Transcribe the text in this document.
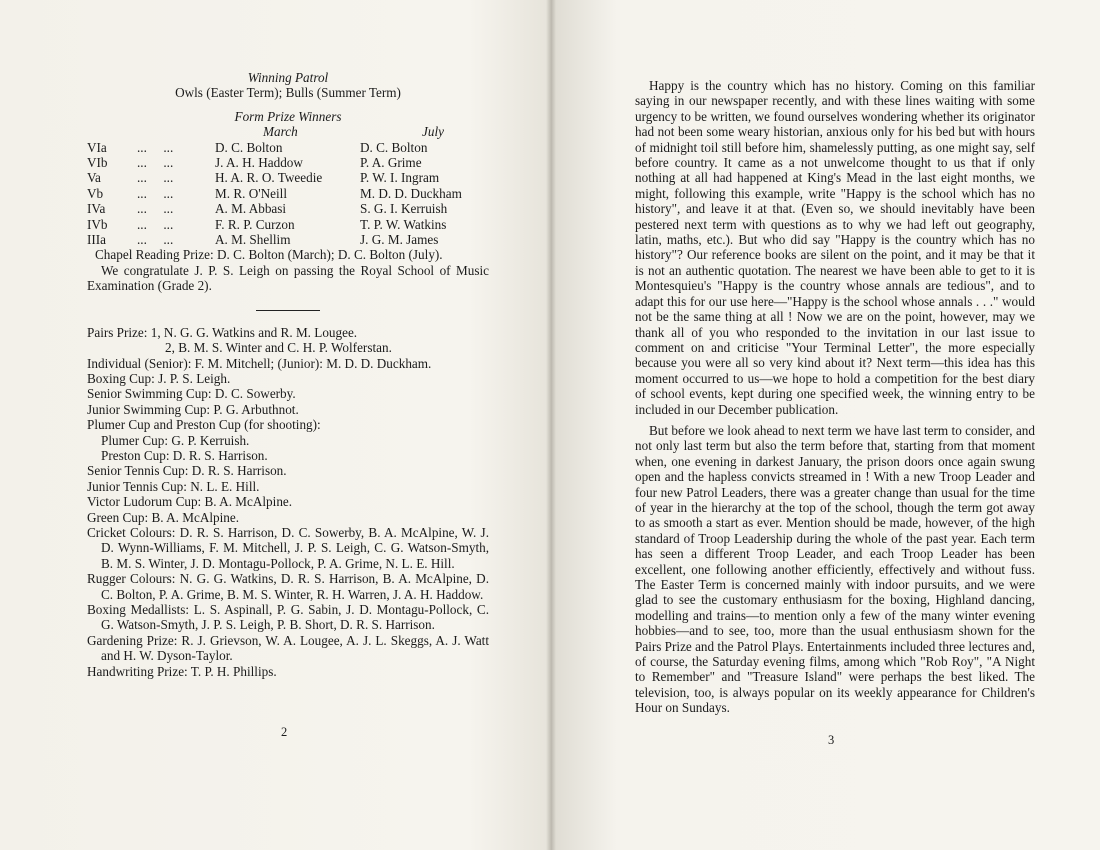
Winning Patrol
Owls (Easter Term); Bulls (Summer Term)
Form Prize Winners
March	July
VIa	...     ...	D. C. Bolton	D. C. Bolton
VIb	...     ...	J. A. H. Haddow	P. A. Grime
Va	...     ...	H. A. R. O. Tweedie	P. W. I. Ingram
Vb	...     ...	M. R. O'Neill	M. D. D. Duckham
IVa	...     ...	A. M. Abbasi	S. G. I. Kerruish
IVb	...     ...	F. R. P. Curzon	T. P. W. Watkins
IIIa	...     ...	A. M. Shellim	J. G. M. James
Chapel Reading Prize: D. C. Bolton (March); D. C. Bolton (July).
We congratulate J. P. S. Leigh on passing the Royal School of Music Examination (Grade 2).
Pairs Prize: 1, N. G. G. Watkins and R. M. Lougee.
2, B. M. S. Winter and C. H. P. Wolferstan.
Individual (Senior): F. M. Mitchell; (Junior): M. D. D. Duckham.
Boxing Cup: J. P. S. Leigh.
Senior Swimming Cup: D. C. Sowerby.
Junior Swimming Cup: P. G. Arbuthnot.
Plumer Cup and Preston Cup (for shooting):
Plumer Cup: G. P. Kerruish.
Preston Cup: D. R. S. Harrison.
Senior Tennis Cup: D. R. S. Harrison.
Junior Tennis Cup: N. L. E. Hill.
Victor Ludorum Cup: B. A. McAlpine.
Green Cup: B. A. McAlpine.
Cricket Colours: D. R. S. Harrison, D. C. Sowerby, B. A. McAlpine, W. J. D. Wynn-Williams, F. M. Mitchell, J. P. S. Leigh, C. G. Watson-Smyth, B. M. S. Winter, J. D. Montagu-Pollock, P. A. Grime, N. L. E. Hill.
Rugger Colours: N. G. G. Watkins, D. R. S. Harrison, B. A. McAlpine, D. C. Bolton, P. A. Grime, B. M. S. Winter, R. H. Warren, J. A. H. Haddow.
Boxing Medallists: L. S. Aspinall, P. G. Sabin, J. D. Montagu-Pollock, C. G. Watson-Smyth, J. P. S. Leigh, P. B. Short, D. R. S. Harrison.
Gardening Prize: R. J. Grievson, W. A. Lougee, A. J. L. Skeggs, A. J. Watt and H. W. Dyson-Taylor.
Handwriting Prize: T. P. H. Phillips.
2

Happy is the country which has no history. Coming on this familiar saying in our newspaper recently, and with these lines waiting with some urgency to be written, we found ourselves wondering whether its originator had not been some weary historian, anxious only for his bed but with hours of midnight toil still before him, shamelessly putting, as one might say, self before country. It came as a not unwelcome thought to us that if only nothing at all had happened at King's Mead in the last eight months, we might, following this example, write "Happy is the school which has no history", and leave it at that. (Even so, we should inevitably have been pestered next term with questions as to why we had left out geography, latin, maths, etc.). But who did say "Happy is the country which has no history"? Our reference books are silent on the point, and it may be that it is not an authentic quotation. The nearest we have been able to get to it is Montesquieu's "Happy is the country whose annals are tedious", and to adapt this for our use here—"Happy is the school whose annals . . ." would not be the same thing at all ! Now we are on the point, however, may we thank all of you who responded to the invitation in our last issue to comment on and criticise "Your Terminal Letter", the more especially because you were all so very kind about it? Next term—this idea has this moment occurred to us—we hope to hold a competition for the best diary of school events, kept during one specified week, the winning entry to be included in our December publication.

But before we look ahead to next term we have last term to consider, and not only last term but also the term before that, starting from that moment when, one evening in darkest January, the prison doors once again swung open and the hapless convicts streamed in ! With a new Troop Leader and four new Patrol Leaders, there was a greater change than usual for the time of year in the hierarchy at the top of the school, though the term got away to as smooth a start as ever. Mention should be made, however, of the high standard of Troop Leadership during the whole of the past year. Each term has seen a different Troop Leader, and each Troop Leader has been excellent, one following another efficiently, effectively and without fuss. The Easter Term is concerned mainly with indoor pursuits, and we were glad to see the customary enthusiasm for the boxing, Highland dancing, modelling and trains—to mention only a few of the many winter evening hobbies—and to see, too, more than the usual enthusiasm shown for the Pairs Prize and the Patrol Plays. Entertainments included three lectures and, of course, the Saturday evening films, among which "Rob Roy", "A Night to Remember" and "Treasure Island" were perhaps the best liked. The television, too, is always popular on its weekly appearance for Children's Hour on Sundays.

3
